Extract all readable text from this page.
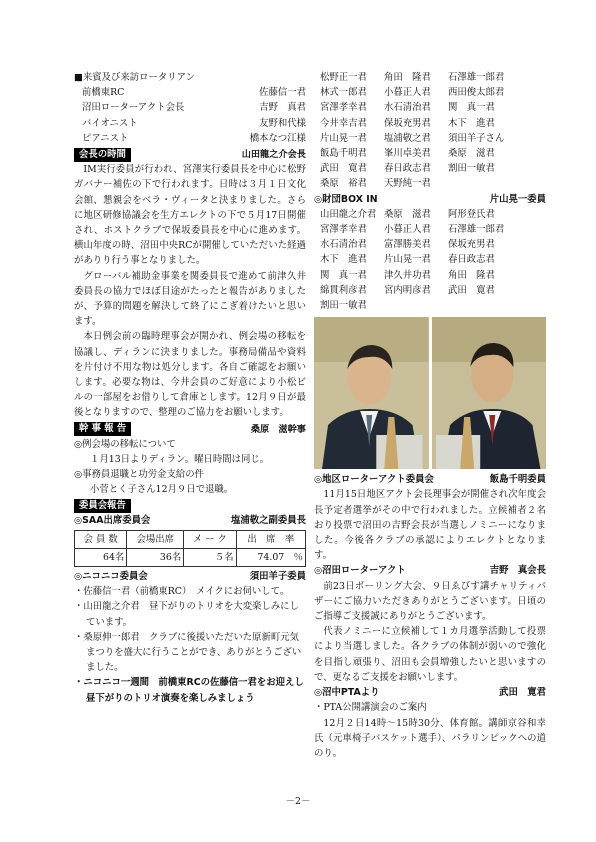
■来賓及び来訪ロータリアン
前橋東RC	佐藤信一君
沼田ローターアクト会長	吉野　真君
バイオニスト	友野和代様
ピアニスト	橋本なつ江様
会長の時間	山田龍之介会長

IM実行委員が行われ、宮澤実行委員長を中心に松野ガバナー補佐の下で行われます。日時は３月１日文化会館、懇親会をベラ・ヴィータと決まりました。さらに地区研修協議会を生方エレクトの下で５月17日開催され、ホストクラブで保坂委員長を中心に進めます。横山年度の時、沼田中央RCが開催していただいた経過がありり行う事となりました。

グローバル補助金事業を関委員長で進めて前津久井委員長の協力でほぼ目途がたったと報告がありましたが、予算的問題を解決して終了にこぎ着けたいと思います。

本日例会前の臨時理事会が開かれ、例会場の移転を協議し、ディランに決まりました。事務局備品や資料を片付け不用な物は処分します。各自ご確認をお願いします。必要な物は、今井会員のご好意により小松ビルの一部屋をお借りして倉庫とします。12月９日が最後となりますので、整理のご協力をお願いします。

幹 事 報 告	桑原　滋幹事
◎例会場の移転について
１月13日よりディラン。曜日時間は同じ。
◎事務員退職と功労金支給の件
小菅とく子さん12月９日で退職。
委員会報告
◎SAA出席委員会	塩浦敬之副委員長
会 員 数	会場出席	メ ー ク	出　席　率
64名	36名	５名	74.07　％
◎ニコニコ委員会	須田羊子委員

・佐藤信一君（前橋東RC）　メイクにお伺いして。

・山田龍之介君　昼下がりのトリオを大変楽しみにしています。

・桑原伸一郎君　クラブに後援いただいた原新町元気まつりを盛大に行うことができ、ありがとうございました。

・ニコニコ一週間　前橋東RCの佐藤信一君をお迎えし昼下がりのトリオ演奏を楽しみましょう

松野正一君	角田　隆君	石澤雄一郎君
林式一郎君	小暮正人君	西田俊太郎君
宮澤孝幸君	水石清治君	関　真一君
今井幸吉君	保坂充男君	木下　進君
片山晃一君	塩浦敬之君	須田羊子さん
飯島千明君	峯川卓美君	桑原　滋君
武田　寛君	春日政志君	割田一敏君
桑原　裕君	天野純一君
◎財団BOX IN	片山晃一委員
山田龍之介君 桑原　滋君	阿形登氏君
宮澤孝幸君	小暮正人君	石澤雄一郎君
水石清治君	富澤勝美君	保坂充男君
木下　進君	片山晃一君	春日政志君
関　真一君	津久井功君	角田　隆君
綿貫利彦君	宮内明彦君	武田　寛君
割田一敏君
◎地区ローターアクト委員会	飯島千明委員

11月15日地区アクト会長理事会が開催され次年度会長予定者選挙がその中で行われました。立候補者２名おり投票で沼田の吉野会長が当選しノミニーになりました。今後各クラブの承認によりエレクトとなります。

◎沼田ローターアクト	吉野　真会長

前23日ボーリング大会、９日ゑびす講チャリティバザーにご協力いただきありがとうございます。日頃のご指導ご支援誠にありがとうございます。

代表ノミニーに立候補して１カ月選挙活動して投票により当選しました。各クラブの体制が弱いので強化を目指し頑張り、沼田も会員増強したいと思いますので、更なるご支援をお願いします。

◎沼中PTAより	武田　寛君
・PTA公開講演会のご案内

12月２日14時～15時30分、体育館。講師京谷和幸氏（元車椅子バスケット選手）、パラリンピックへの道のり。

－2－
